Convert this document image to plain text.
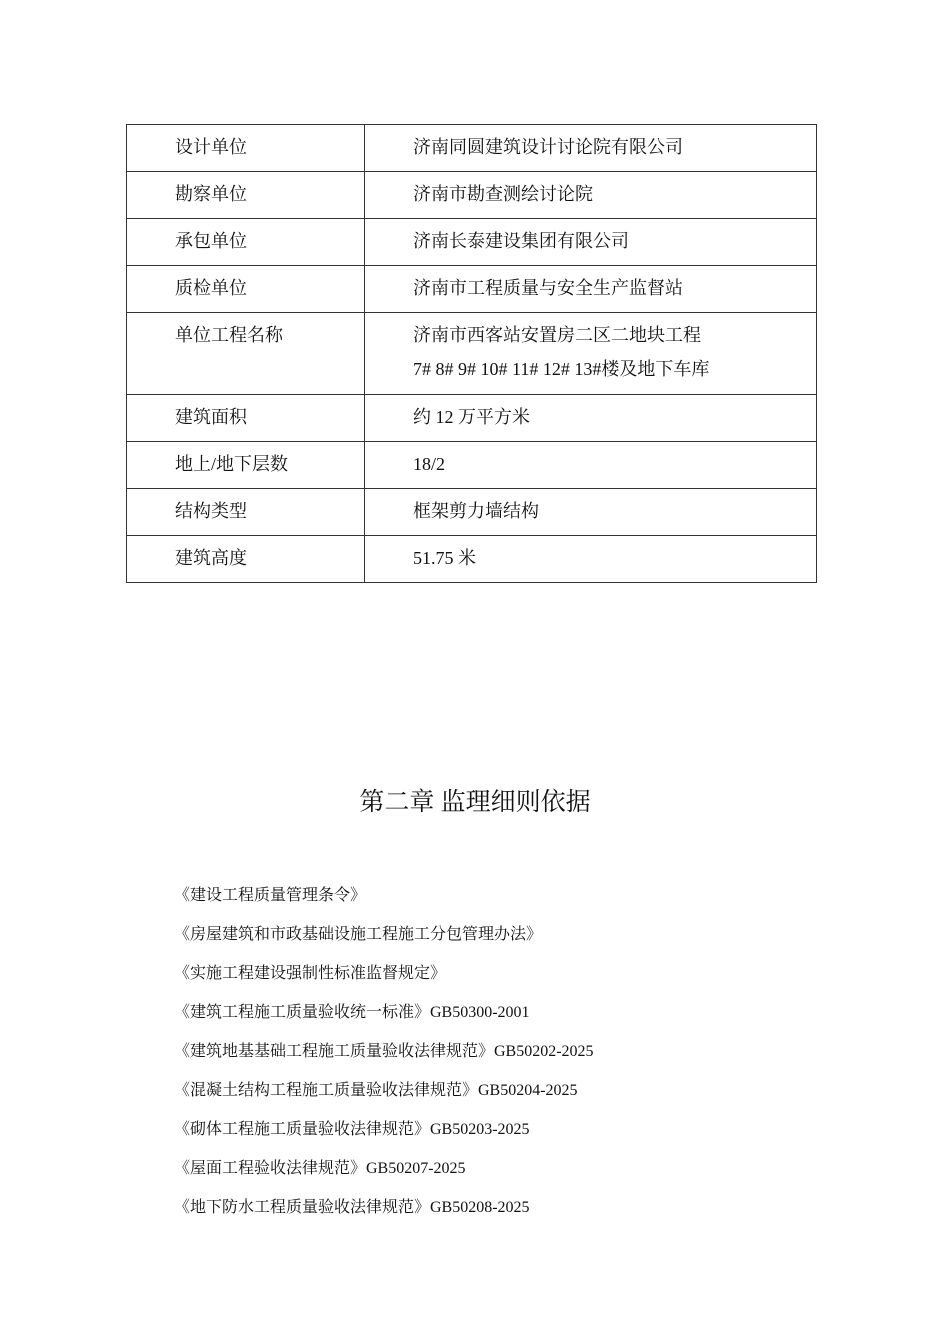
设计单位	济南同圆建筑设计讨论院有限公司
勘察单位	济南市勘查测绘讨论院
承包单位	济南长泰建设集团有限公司
质检单位	济南市工程质量与安全生产监督站
单位工程名称	济南市西客站安置房二区二地块工程
7# 8# 9# 10# 11# 12# 13#楼及地下车库

建筑面积	约 12 万平方米
地上/地下层数	18/2
结构类型	框架剪力墙结构
建筑高度	51.75 米
第二章 监理细则依据
《建设工程质量管理条令》
《房屋建筑和市政基础设施工程施工分包管理办法》
《实施工程建设强制性标准监督规定》
《建筑工程施工质量验收统一标准》GB50300-2001
《建筑地基基础工程施工质量验收法律规范》GB50202-2025
《混凝土结构工程施工质量验收法律规范》GB50204-2025
《砌体工程施工质量验收法律规范》GB50203-2025
《屋面工程验收法律规范》GB50207-2025
《地下防水工程质量验收法律规范》GB50208-2025
